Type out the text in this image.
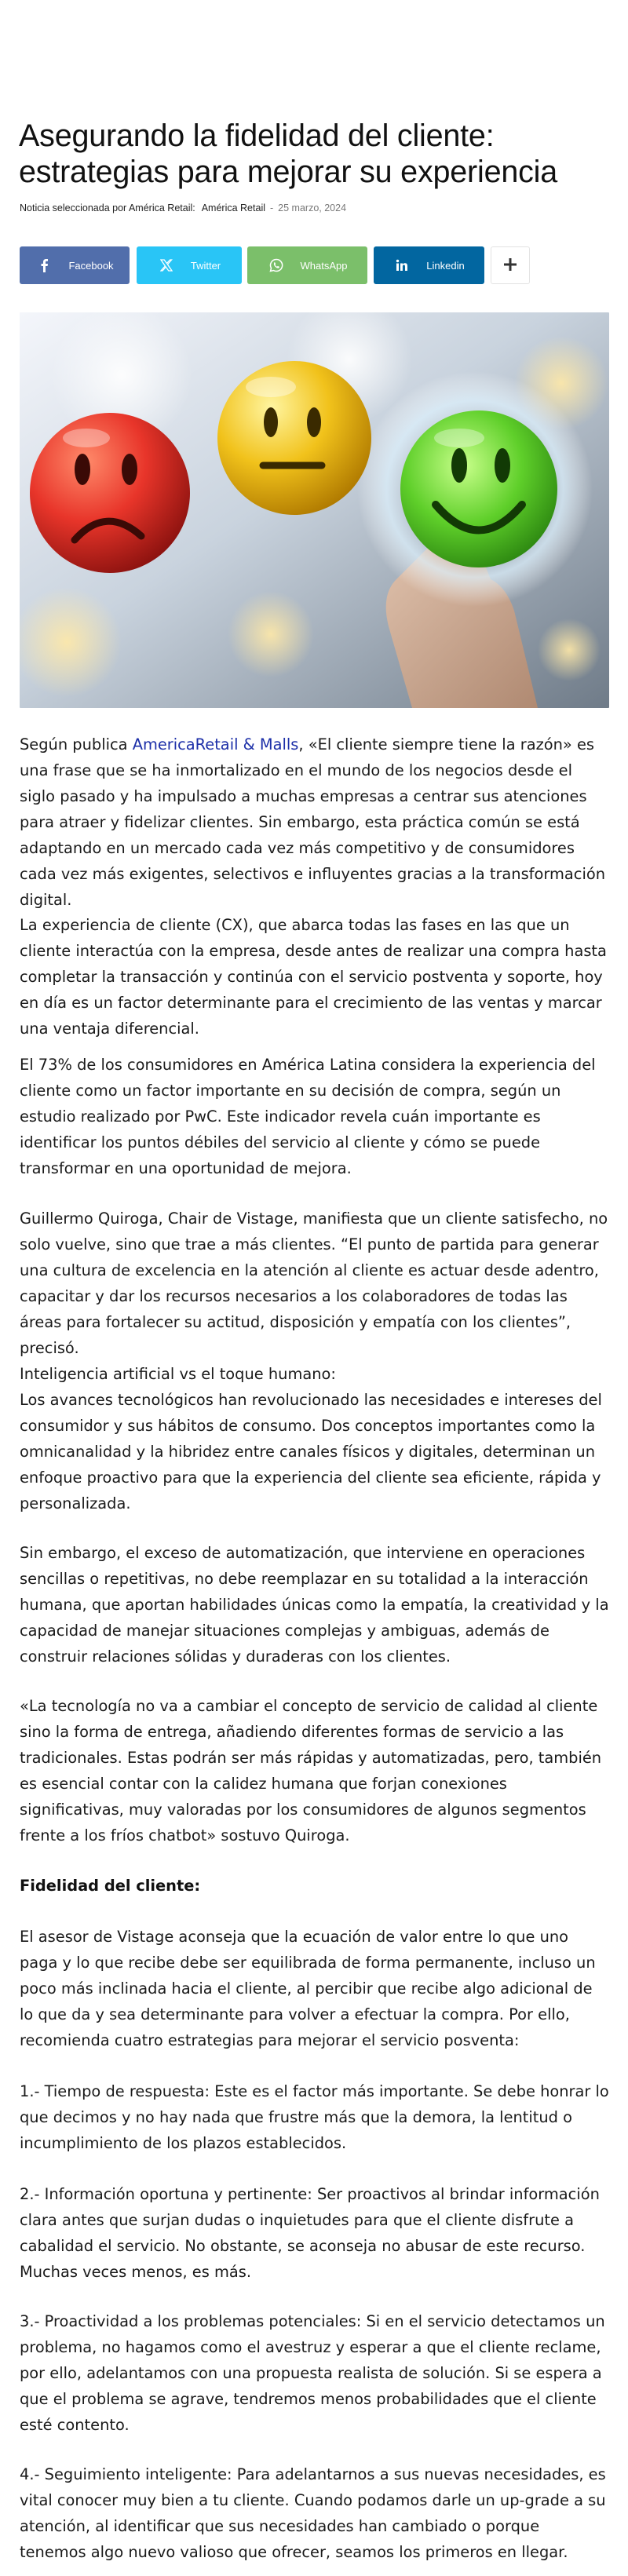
Asegurando la fidelidad del cliente: estrategias para mejorar su experiencia
Noticia seleccionada por América Retail: América Retail - 25 marzo, 2024
Facebook	Twitter	WhatsApp	Linkedin

Según publica AmericaRetail & Malls, «El cliente siempre tiene la razón» es una frase que se ha inmortalizado en el mundo de los negocios desde el siglo pasado y ha impulsado a muchas empresas a centrar sus atenciones para atraer y fidelizar clientes. Sin embargo, esta práctica común se está adaptando en un mercado cada vez más competitivo y de consumidores cada vez más exigentes, selectivos e influyentes gracias a la transformación digital.

La experiencia de cliente (CX), que abarca todas las fases en las que un cliente interactúa con la empresa, desde antes de realizar una compra hasta completar la transacción y continúa con el servicio postventa y soporte, hoy en día es un factor determinante para el crecimiento de las ventas y marcar una ventaja diferencial.

El 73% de los consumidores en América Latina considera la experiencia del cliente como un factor importante en su decisión de compra, según un estudio realizado por PwC. Este indicador revela cuán importante es identificar los puntos débiles del servicio al cliente y cómo se puede transformar en una oportunidad de mejora.

Guillermo Quiroga, Chair de Vistage, manifiesta que un cliente satisfecho, no solo vuelve, sino que trae a más clientes. “El punto de partida para generar una cultura de excelencia en la atención al cliente es actuar desde adentro, capacitar y dar los recursos necesarios a los colaboradores de todas las áreas para fortalecer su actitud, disposición y empatía con los clientes”, precisó.
Inteligencia artificial vs el toque humano:

Los avances tecnológicos han revolucionado las necesidades e intereses del consumidor y sus hábitos de consumo. Dos conceptos importantes como la omnicanalidad y la hibridez entre canales físicos y digitales, determinan un enfoque proactivo para que la experiencia del cliente sea eficiente, rápida y personalizada.

Sin embargo, el exceso de automatización, que interviene en operaciones sencillas o repetitivas, no debe reemplazar en su totalidad a la interacción humana, que aportan habilidades únicas como la empatía, la creatividad y la capacidad de manejar situaciones complejas y ambiguas, además de construir relaciones sólidas y duraderas con los clientes.

«La tecnología no va a cambiar el concepto de servicio de calidad al cliente sino la forma de entrega, añadiendo diferentes formas de servicio a las tradicionales. Estas podrán ser más rápidas y automatizadas, pero, también es esencial contar con la calidez humana que forjan conexiones significativas, muy valoradas por los consumidores de algunos segmentos frente a los fríos chatbot» sostuvo Quiroga.

Fidelidad del cliente:

El asesor de Vistage aconseja que la ecuación de valor entre lo que uno paga y lo que recibe debe ser equilibrada de forma permanente, incluso un poco más inclinada hacia el cliente, al percibir que recibe algo adicional de lo que da y sea determinante para volver a efectuar la compra. Por ello, recomienda cuatro estrategias para mejorar el servicio posventa:

1.- Tiempo de respuesta: Este es el factor más importante. Se debe honrar lo que decimos y no hay nada que frustre más que la demora, la lentitud o incumplimiento de los plazos establecidos.

2.- Información oportuna y pertinente: Ser proactivos al brindar información clara antes que surjan dudas o inquietudes para que el cliente disfrute a cabalidad el servicio. No obstante, se aconseja no abusar de este recurso. Muchas veces menos, es más.

3.- Proactividad a los problemas potenciales: Si en el servicio detectamos un problema, no hagamos como el avestruz y esperar a que el cliente reclame, por ello, adelantamos con una propuesta realista de solución. Si se espera a que el problema se agrave, tendremos menos probabilidades que el cliente esté contento.

4.- Seguimiento inteligente: Para adelantarnos a sus nuevas necesidades, es vital conocer muy bien a tu cliente. Cuando podamos darle un up-grade a su atención, al identificar que sus necesidades han cambiado o porque tenemos algo nuevo valioso que ofrecer, seamos los primeros en llegar.
